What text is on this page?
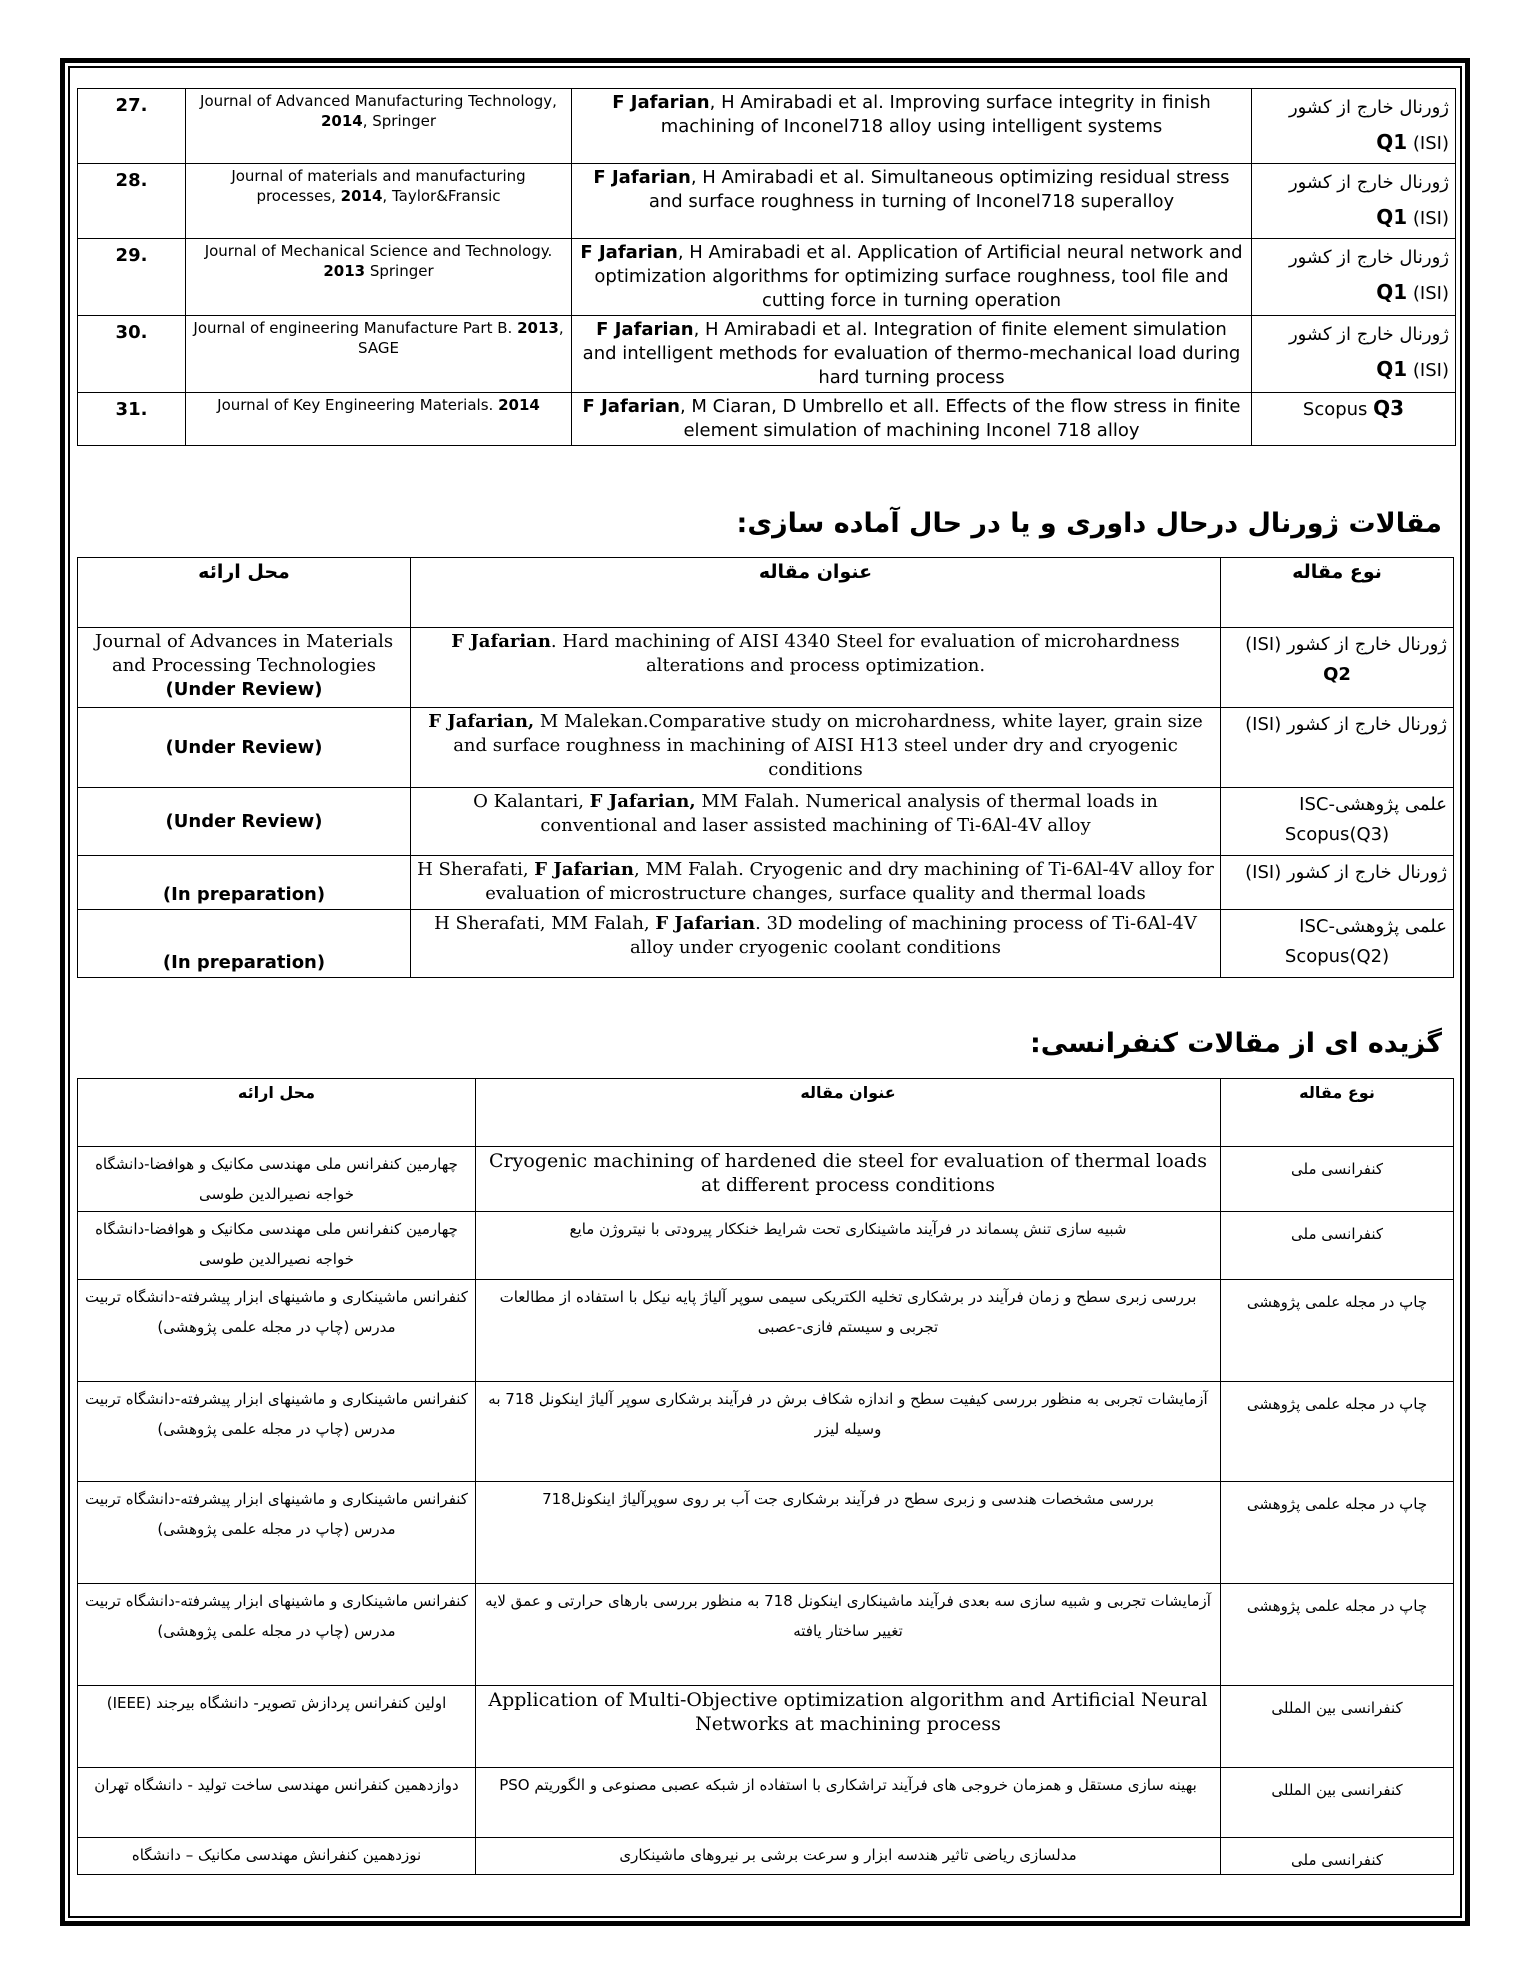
27.	Journal of Advanced Manufacturing Technology, 2014, Springer	F Jafarian, H Amirabadi et al. Improving surface integrity in finish machining of Inconel718 alloy using intelligent systems	ژورنال خارج از کشور
(ISI) Q1

28.	Journal of materials and manufacturing processes, 2014, Taylor&Fransic	F Jafarian, H Amirabadi et al. Simultaneous optimizing residual stress and surface roughness in turning of Inconel718 superalloy	ژورنال خارج از کشور
(ISI) Q1

29.	Journal of Mechanical Science and Technology. 2013 Springer	F Jafarian, H Amirabadi et al. Application of Artificial neural network and optimization algorithms for optimizing surface roughness, tool file and cutting force in turning operation	ژورنال خارج از کشور
(ISI) Q1

30.	Journal of engineering Manufacture Part B. 2013, SAGE	F Jafarian, H Amirabadi et al. Integration of finite element simulation and intelligent methods for evaluation of thermo-mechanical load during hard turning process	ژورنال خارج از کشور
(ISI) Q1

31.	Journal of Key Engineering Materials. 2014	F Jafarian, M Ciaran, D Umbrello et all. Effects of the flow stress in finite element simulation of machining Inconel 718 alloy	Scopus Q3
مقالات ژورنال درحال داوری و یا در حال آماده سازی:
محل ارائه	عنوان مقاله	نوع مقاله
Journal of Advances in Materials and Processing Technologies (Under Review)	F Jafarian. Hard machining of AISI 4340 Steel for evaluation of microhardness alterations and process optimization.	ژورنال خارج از کشور (ISI)
Q2

(Under Review)	F Jafarian, M Malekan.Comparative study on microhardness, white layer, grain size and surface roughness in machining of AISI H13 steel under dry and cryogenic conditions	ژورنال خارج از کشور (ISI)

(Under Review)	O Kalantari, F Jafarian, MM Falah. Numerical analysis of thermal loads in conventional and laser assisted machining of Ti-6Al-4V alloy	علمی پژوهشی-ISC
Scopus(Q3)

(In preparation)	H Sherafati, F Jafarian, MM Falah. Cryogenic and dry machining of Ti-6Al-4V alloy for evaluation of microstructure changes, surface quality and thermal loads	ژورنال خارج از کشور (ISI)

(In preparation)	H Sherafati, MM Falah, F Jafarian. 3D modeling of machining process of Ti-6Al-4V alloy under cryogenic coolant conditions	علمی پژوهشی-ISC
Scopus(Q2)
گزیده ای از مقالات کنفرانسی:
محل ارائه	عنوان مقاله	نوع مقاله
چهارمین کنفرانس ملی مهندسی مکانیک و هوافضا-دانشگاه خواجه نصیرالدین طوسی	Cryogenic machining of hardened die steel for evaluation of thermal loads at different process conditions	کنفرانسی ملی
چهارمین کنفرانس ملی مهندسی مکانیک و هوافضا-دانشگاه خواجه نصیرالدین طوسی	شبیه سازی تنش پسماند در فرآیند ماشینکاری تحت شرایط خنککار پیرودتی با نیتروژن مایع	کنفرانسی ملی
کنفرانس ماشینکاری و ماشینهای ابزار پیشرفته-دانشگاه تربیت مدرس (چاپ در مجله علمی پژوهشی)	بررسی زبری سطح و زمان فرآیند در برشکاری تخلیه الکتریکی سیمی سوپر آلیاژ پایه نیکل با استفاده از مطالعات تجربی و سیستم فازی-عصبی	چاپ در مجله علمی پژوهشی
کنفرانس ماشینکاری و ماشینهای ابزار پیشرفته-دانشگاه تربیت مدرس (چاپ در مجله علمی پژوهشی)	آزمایشات تجربی به منظور بررسی کیفیت سطح و اندازه شکاف برش در فرآیند برشکاری سوپر آلیاژ اینکونل 718 به وسیله لیزر	چاپ در مجله علمی پژوهشی
کنفرانس ماشینکاری و ماشینهای ابزار پیشرفته-دانشگاه تربیت مدرس (چاپ در مجله علمی پژوهشی)	بررسی مشخصات هندسی و زبری سطح در فرآیند برشکاری جت آب بر روی سوپرآلیاژ اینکونل718	چاپ در مجله علمی پژوهشی
کنفرانس ماشینکاری و ماشینهای ابزار پیشرفته-دانشگاه تربیت مدرس (چاپ در مجله علمی پژوهشی)	آزمایشات تجربی و شبیه سازی سه بعدی فرآیند ماشینکاری اینکونل 718 به منظور بررسی بارهای حرارتی و عمق لایه تغییر ساختار یافته	چاپ در مجله علمی پژوهشی
اولین کنفرانس پردازش تصویر- دانشگاه بیرجند (IEEE)	Application of Multi-Objective optimization algorithm and Artificial Neural Networks at machining process	کنفرانسی بین المللی
دوازدهمین کنفرانس مهندسی ساخت تولید - دانشگاه تهران	بهینه سازی مستقل و همزمان خروجی های فرآیند تراشکاری با استفاده از شبکه عصبی مصنوعی و الگوریتم PSO	کنفرانسی بین المللی
نوزدهمین کنفرانش مهندسی مکانیک – دانشگاه	مدلسازی ریاضی تاثیر هندسه ابزار و سرعت برشی بر نیروهای ماشینکاری	کنفرانسی ملی
